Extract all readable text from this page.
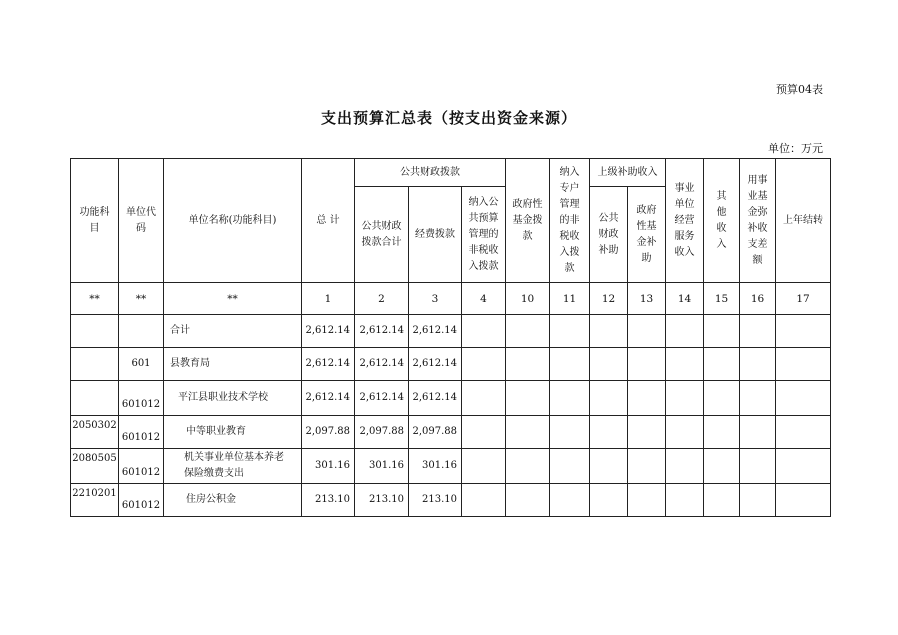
预算04表
支出预算汇总表（按支出资金来源）
单位：万元
功能科目	单位代码	单位名称(功能科目)	总 计	公共财政拨款			政府性基金拨款	纳入专户管理的非税收入拨款	上级补助收入		事业单位经营服务收入	其他收入	用事业基金弥补收支差额	上年结转

				公共财政拨款合计	经费拨款	纳入公共预算管理的非税收入拨款			公共财政补助	政府性基金补助				

**	**	**	1	2	3	4	10	11	12	13	14	15	16	17
		合计	2,612.14	2,612.14	2,612.14									
	601	县教育局	2,612.14	2,612.14	2,612.14									
	601012	平江县职业技术学校	2,612.14	2,612.14	2,612.14									
2050302	601012	中等职业教育	2,097.88	2,097.88	2,097.88									
2080505	601012	机关事业单位基本养老保险缴费支出	301.16	301.16	301.16									
2210201	601012	住房公积金	213.10	213.10	213.10									
